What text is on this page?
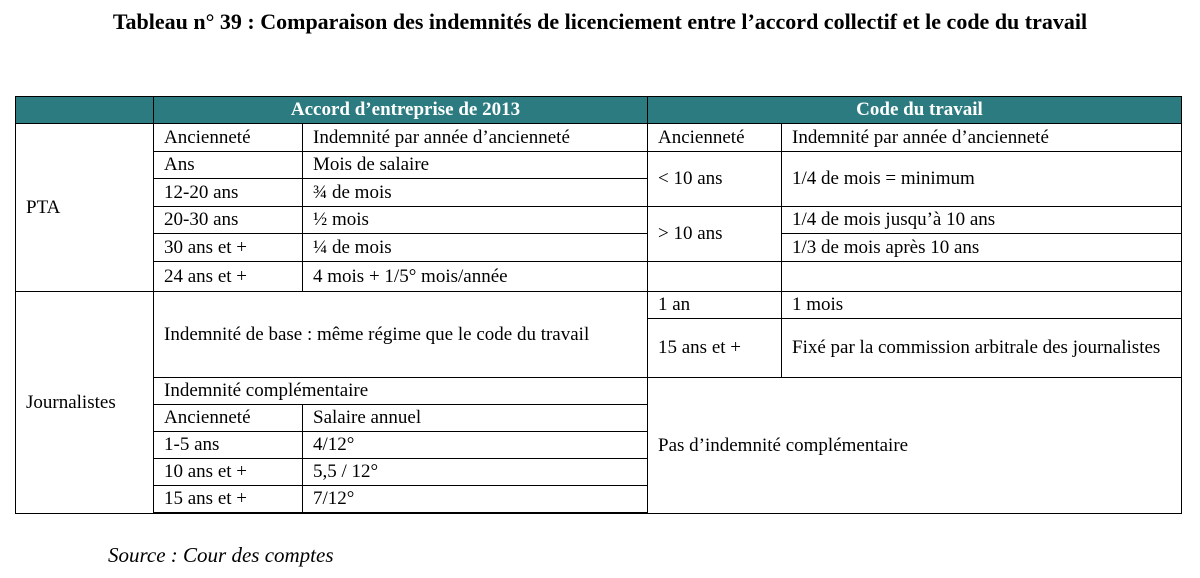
Tableau n° 39 : Comparaison des indemnités de licenciement entre l’accord collectif et le code du travail
	Accord d’entreprise de 2013		Code du travail	
PTA	Ancienneté	Indemnité par année d’ancienneté	Ancienneté	Indemnité par année d’ancienneté
	Ans	Mois de salaire	< 10 ans	1/4 de mois = minimum
	12-20 ans	¾ de mois		
	20-30 ans	½ mois	> 10 ans	1/4 de mois jusqu’à 10 ans
	30 ans et +	¼ de mois		1/3 de mois après 10 ans
	24 ans et +	4 mois + 1/5° mois/année		
Journalistes	Indemnité de base : même régime que le code du travail		1 an	1 mois
			15 ans et +	Fixé par la commission arbitrale des journalistes
	Indemnité complémentaire		Pas d’indemnité complémentaire	
	Ancienneté	Salaire annuel		
	1-5 ans	4/12°		
	10 ans et +	5,5 / 12°		
	15 ans et +	7/12°		

Source : Cour des comptes
